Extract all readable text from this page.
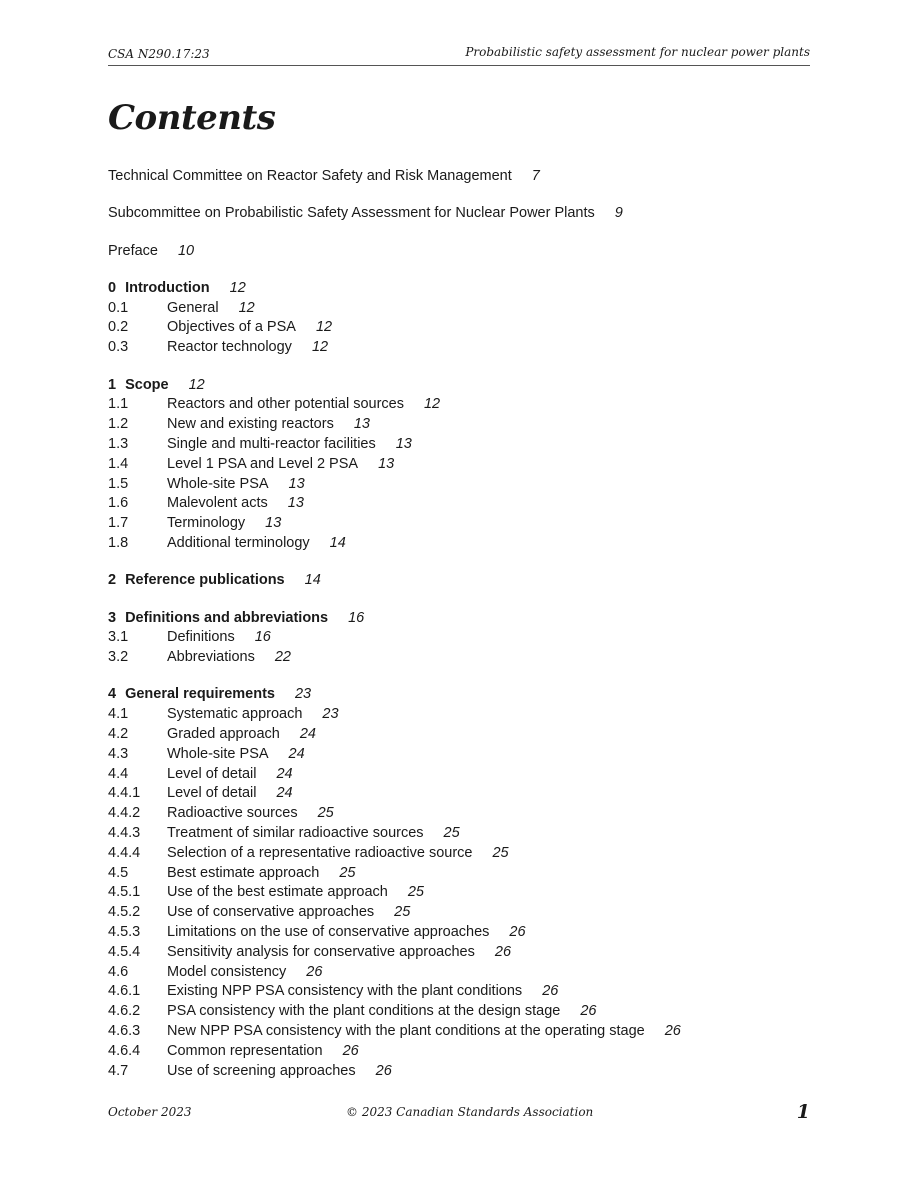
CSA N290.17:23	Probabilistic safety assessment for nuclear power plants
Contents
Technical Committee on Reactor Safety and Risk Management 7
Subcommittee on Probabilistic Safety Assessment for Nuclear Power Plants 9
Preface 10
0 Introduction 12
0.1	General 12
0.2	Objectives of a PSA 12
0.3	Reactor technology 12
1 Scope 12
1.1	Reactors and other potential sources 12
1.2	New and existing reactors 13
1.3	Single and multi-reactor facilities 13
1.4	Level 1 PSA and Level 2 PSA 13
1.5	Whole-site PSA 13
1.6	Malevolent acts 13
1.7	Terminology 13
1.8	Additional terminology 14
2 Reference publications 14
3 Definitions and abbreviations 16
3.1	Definitions 16
3.2	Abbreviations 22
4 General requirements 23
4.1	Systematic approach 23
4.2	Graded approach 24
4.3	Whole-site PSA 24
4.4	Level of detail 24
4.4.1 Level of detail 24
4.4.2 Radioactive sources 25
4.4.3 Treatment of similar radioactive sources 25
4.4.4 Selection of a representative radioactive source 25
4.5	Best estimate approach 25
4.5.1 Use of the best estimate approach 25
4.5.2 Use of conservative approaches 25
4.5.3 Limitations on the use of conservative approaches 26
4.5.4 Sensitivity analysis for conservative approaches 26
4.6	Model consistency 26
4.6.1 Existing NPP PSA consistency with the plant conditions 26
4.6.2 PSA consistency with the plant conditions at the design stage 26
4.6.3 New NPP PSA consistency with the plant conditions at the operating stage 26
4.6.4 Common representation 26
4.7	Use of screening approaches 26
October 2023	© 2023 Canadian Standards Association	1
